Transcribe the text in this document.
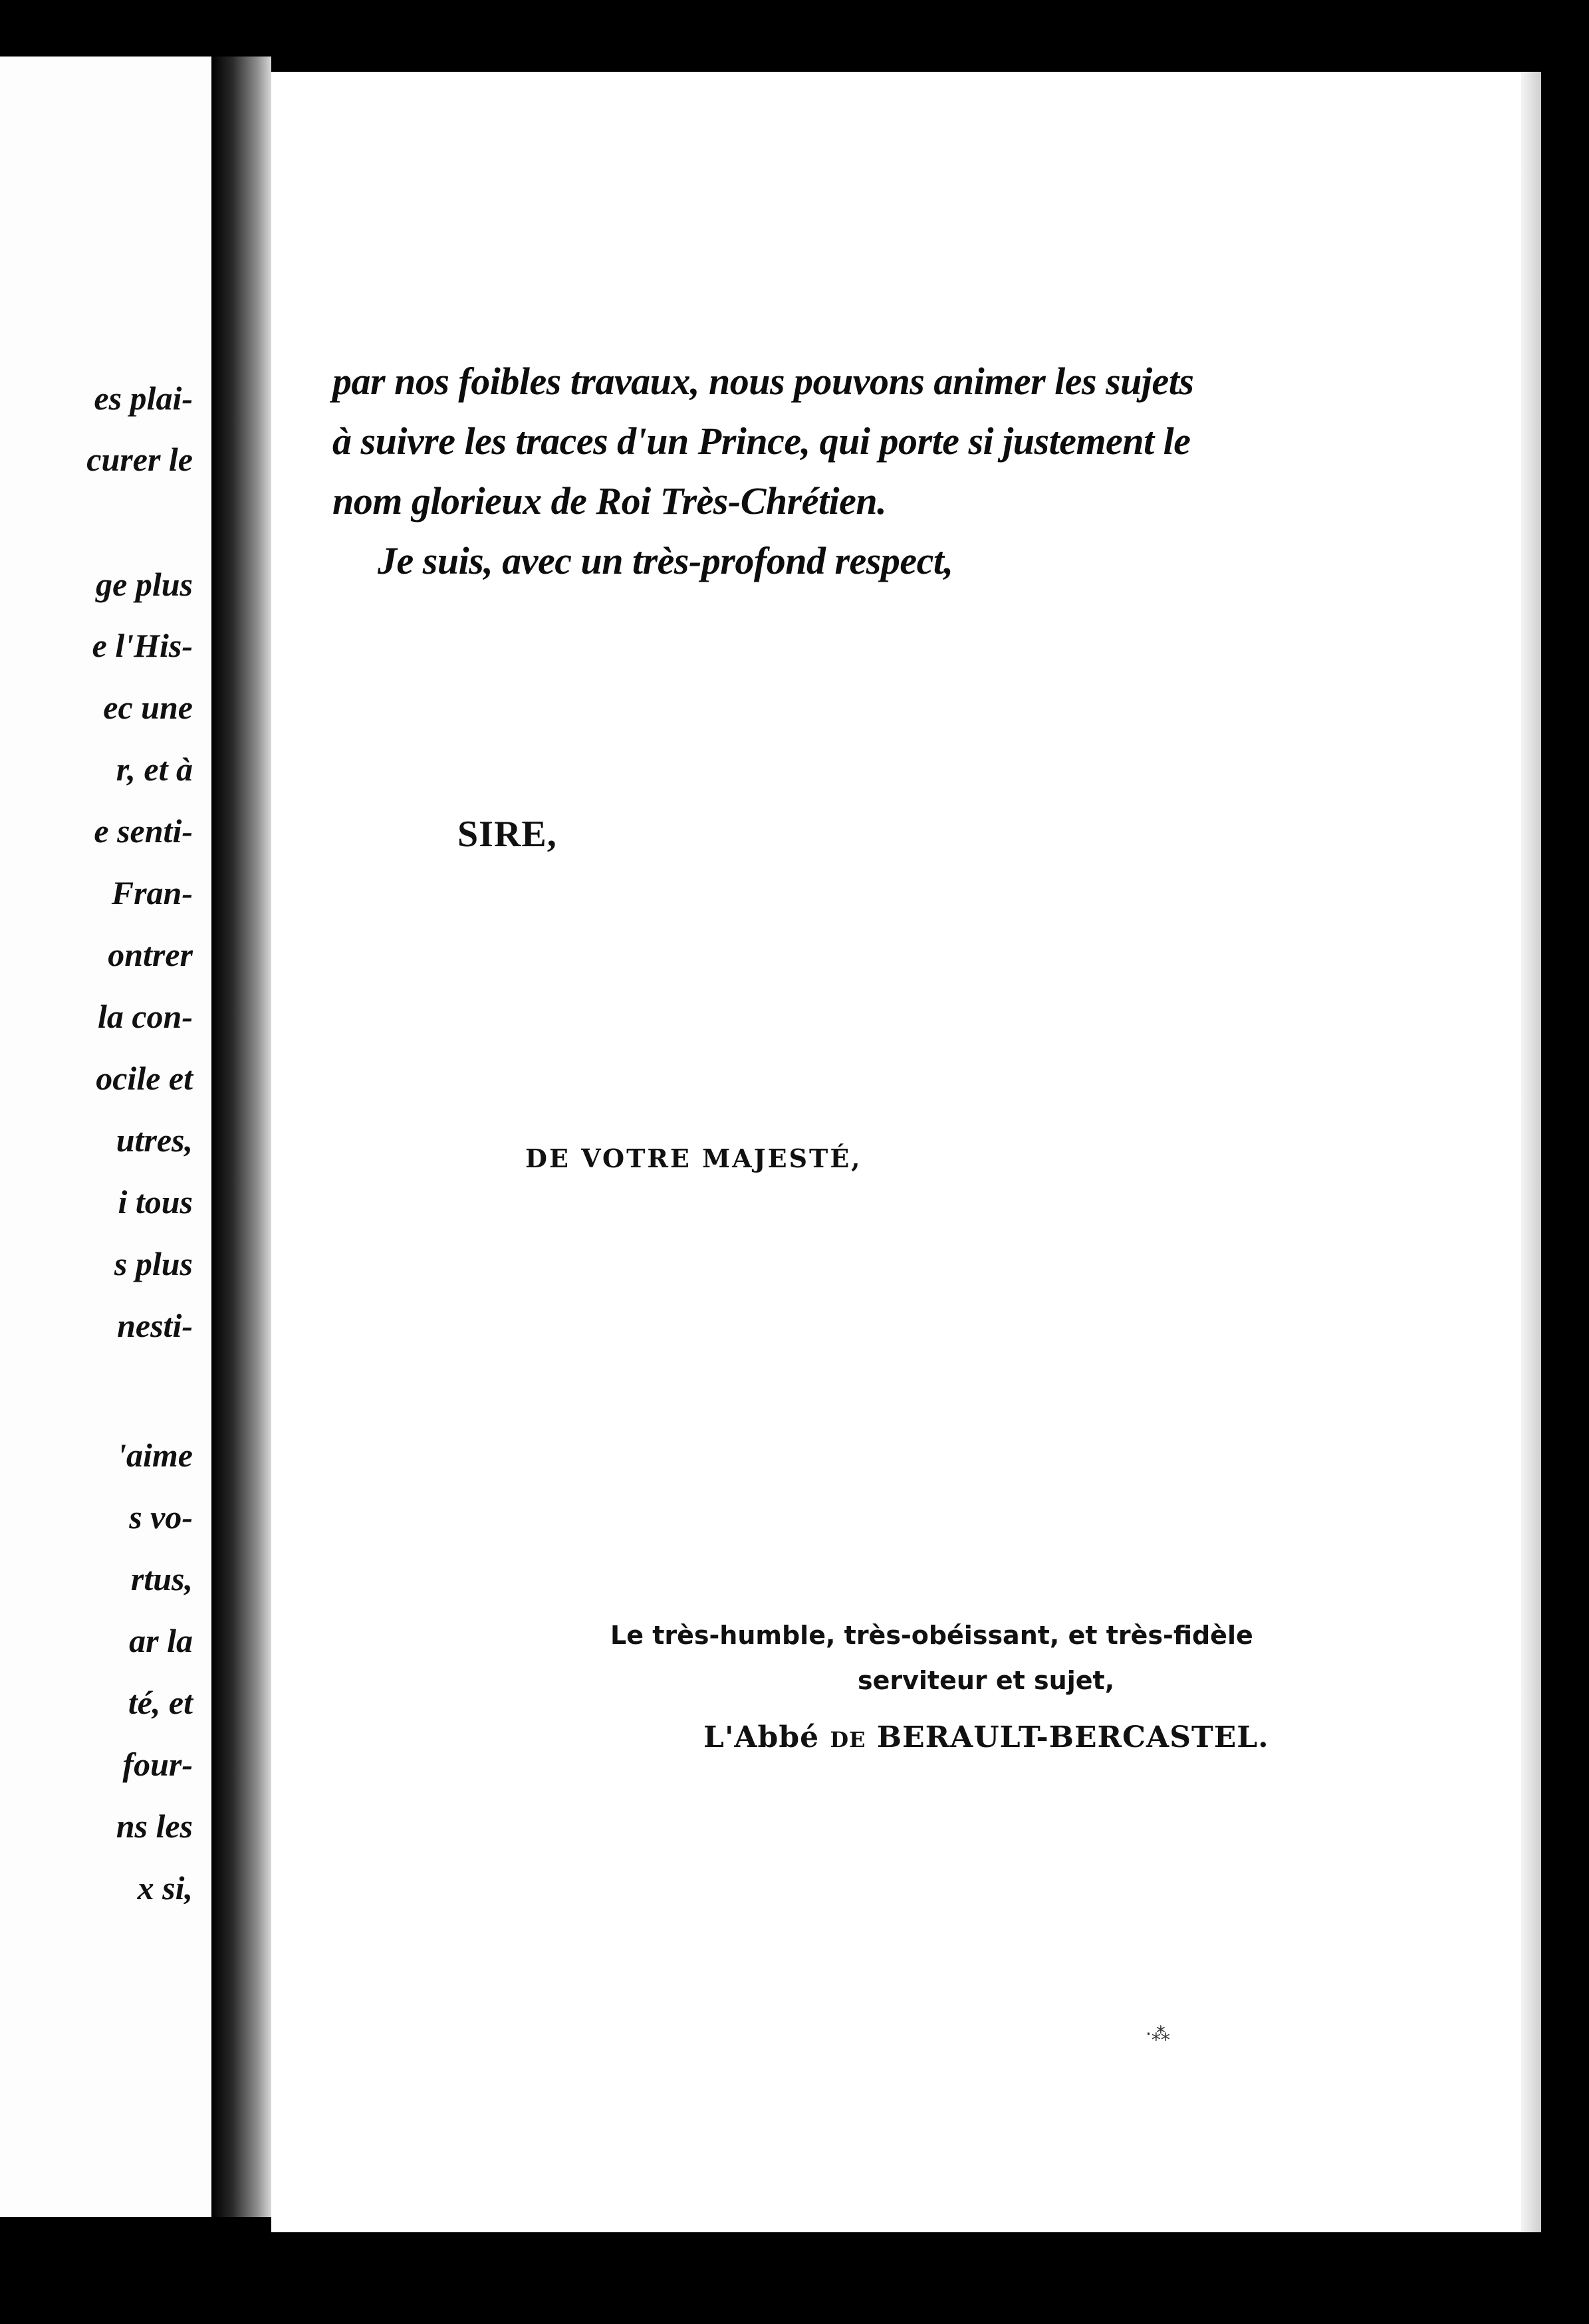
es plai-
curer le
ge plus
e l'His-
ec une
r, et à
e senti-
Fran-
ontrer
la con-
ocile et
utres,
i tous
s plus
nesti-
'aime
s vo-
rtus,
ar la
té, et
four-
ns les
x si,
par nos foibles travaux, nous pouvons animer les sujets
à suivre les traces d'un Prince, qui porte si justement le
nom glorieux de Roi Très-Chrétien.
Je suis, avec un très-profond respect,
SIRE,
DE VOTRE MAJESTÉ,
Le très-humble, très-obéissant, et très-fidèle
serviteur et sujet,
L'Abbé DE BERAULT-BERCASTEL.
·⁂
